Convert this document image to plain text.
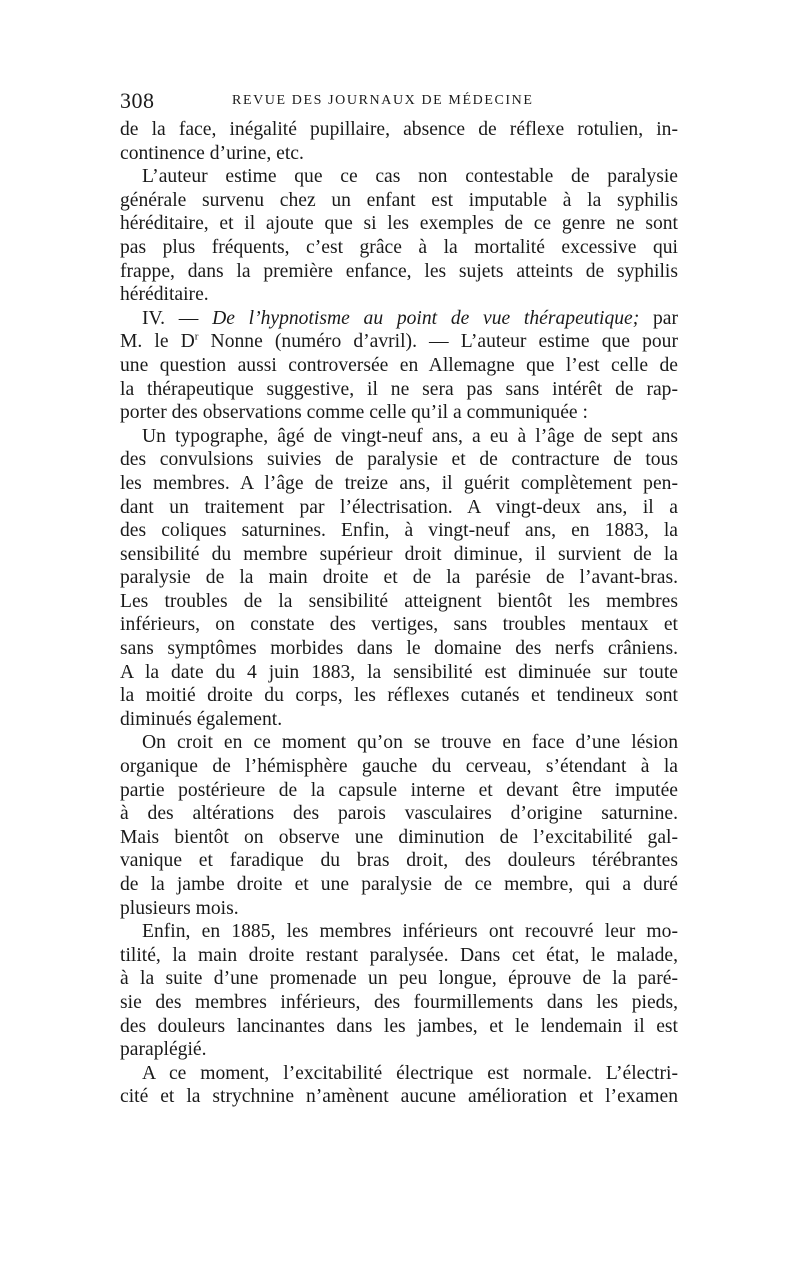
308	REVUE DES JOURNAUX DE MÉDECINE
de la face, inégalité pupillaire, absence de réflexe rotulien, in-
continence d’urine, etc.
L’auteur estime que ce cas non contestable de paralysie
générale survenu chez un enfant est imputable à la syphilis
héréditaire, et il ajoute que si les exemples de ce genre ne sont
pas plus fréquents, c’est grâce à la mortalité excessive qui
frappe, dans la première enfance, les sujets atteints de syphilis
héréditaire.
IV. — De l’hypnotisme au point de vue thérapeutique; par
M. le $D^r$ Nonne (numéro d’avril). — L’auteur estime que pour
une question aussi controversée en Allemagne que l’est celle de
la thérapeutique suggestive, il ne sera pas sans intérêt de rap-
porter des observations comme celle qu’il a communiquée :
Un typographe, âgé de vingt-neuf ans, a eu à l’âge de sept ans
des convulsions suivies de paralysie et de contracture de tous
les membres. A l’âge de treize ans, il guérit complètement pen-
dant un traitement par l’électrisation. A vingt-deux ans, il a
des coliques saturnines. Enfin, à vingt-neuf ans, en 1883, la
sensibilité du membre supérieur droit diminue, il survient de la
paralysie de la main droite et de la parésie de l’avant-bras.
Les troubles de la sensibilité atteignent bientôt les membres
inférieurs, on constate des vertiges, sans troubles mentaux et
sans symptômes morbides dans le domaine des nerfs crâniens.
A la date du 4 juin 1883, la sensibilité est diminuée sur toute
la moitié droite du corps, les réflexes cutanés et tendineux sont
diminués également.
On croit en ce moment qu’on se trouve en face d’une lésion
organique de l’hémisphère gauche du cerveau, s’étendant à la
partie postérieure de la capsule interne et devant être imputée
à des altérations des parois vasculaires d’origine saturnine.
Mais bientôt on observe une diminution de l’excitabilité gal-
vanique et faradique du bras droit, des douleurs térébrantes
de la jambe droite et une paralysie de ce membre, qui a duré
plusieurs mois.
Enfin, en 1885, les membres inférieurs ont recouvré leur mo-
tilité, la main droite restant paralysée. Dans cet état, le malade,
à la suite d’une promenade un peu longue, éprouve de la paré-
sie des membres inférieurs, des fourmillements dans les pieds,
des douleurs lancinantes dans les jambes, et le lendemain il est
paraplégié.
A ce moment, l’excitabilité électrique est normale. L’électri-
cité et la strychnine n’amènent aucune amélioration et l’examen
